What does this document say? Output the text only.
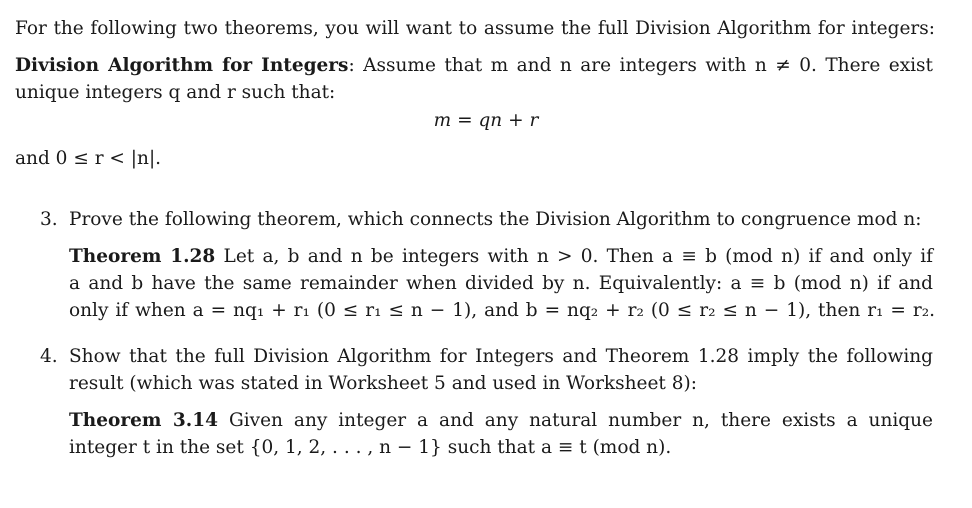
For the following two theorems, you will want to assume the full Division Algorithm for integers:
Division Algorithm for Integers: Assume that m and n are integers with n ≠ 0. There exist
unique integers q and r such that:
m = qn + r
and 0 ≤ r < |n|.
3. Prove the following theorem, which connects the Division Algorithm to congruence mod n:
Theorem 1.28 Let a, b and n be integers with n > 0. Then a ≡ b (mod n) if and only if
a and b have the same remainder when divided by n. Equivalently: a ≡ b (mod n) if and
only if when a = nq₁ + r₁ (0 ≤ r₁ ≤ n − 1), and b = nq₂ + r₂ (0 ≤ r₂ ≤ n − 1), then r₁ = r₂.
4. Show that the full Division Algorithm for Integers and Theorem 1.28 imply the following
result (which was stated in Worksheet 5 and used in Worksheet 8):
Theorem 3.14 Given any integer a and any natural number n, there exists a unique
integer t in the set {0, 1, 2, . . . , n − 1} such that a ≡ t (mod n).
